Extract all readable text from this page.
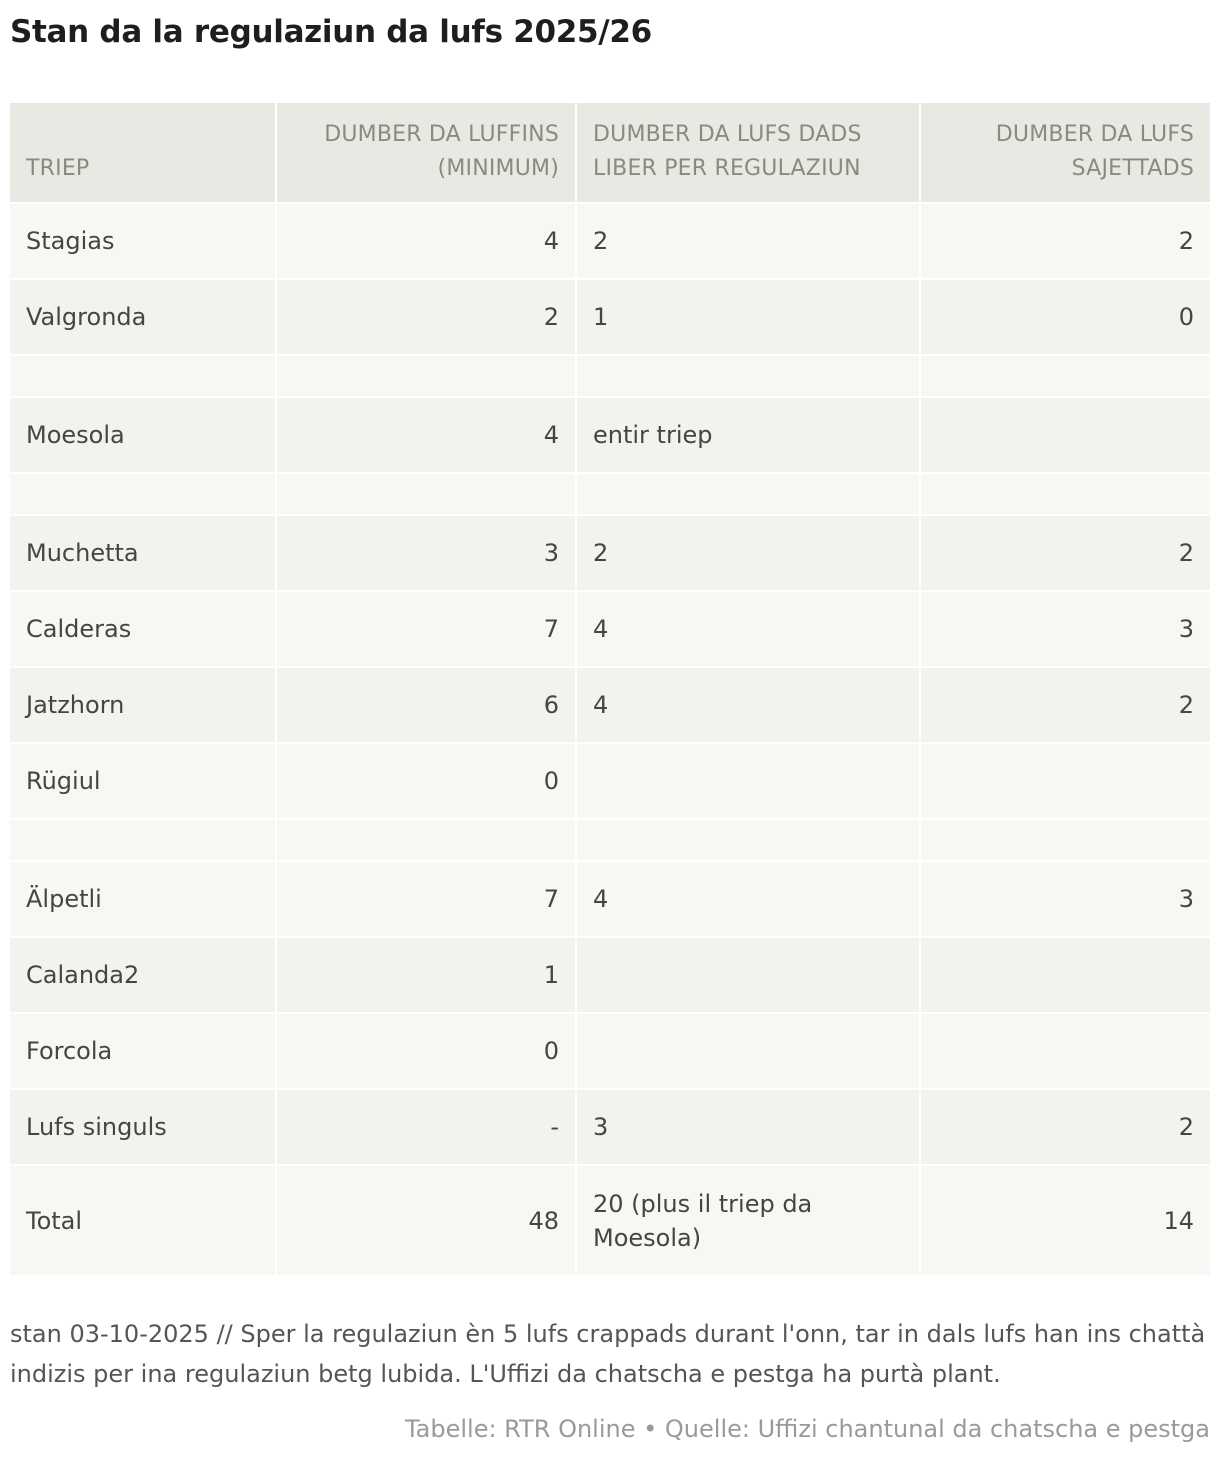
Stan da la regulaziun da lufs 2025/26
TRIEP	DUMBER DA LUFFINS (MINIMUM)	DUMBER DA LUFS DADS LIBER PER REGULAZIUN	DUMBER DA LUFS SAJETTADS
Stagias	4	2	2
Valgronda	2	1	0

Moesola	4	entir triep	

Muchetta	3	2	2
Calderas	7	4	3
Jatzhorn	6	4	2
Rügiul	0		

Älpetli	7	4	3
Calanda2	1		
Forcola	0		
Lufs singuls	-	3	2
Total	48	20 (plus il triep da Moesola)	14

stan 03-10-2025 // Sper la regulaziun èn 5 lufs crappads durant l'onn, tar in dals lufs han ins chattà indizis per ina regulaziun betg lubida. L'Uffizi da chatscha e pestga ha purtà plant.

Tabelle: RTR Online • Quelle: Uffizi chantunal da chatscha e pestga
